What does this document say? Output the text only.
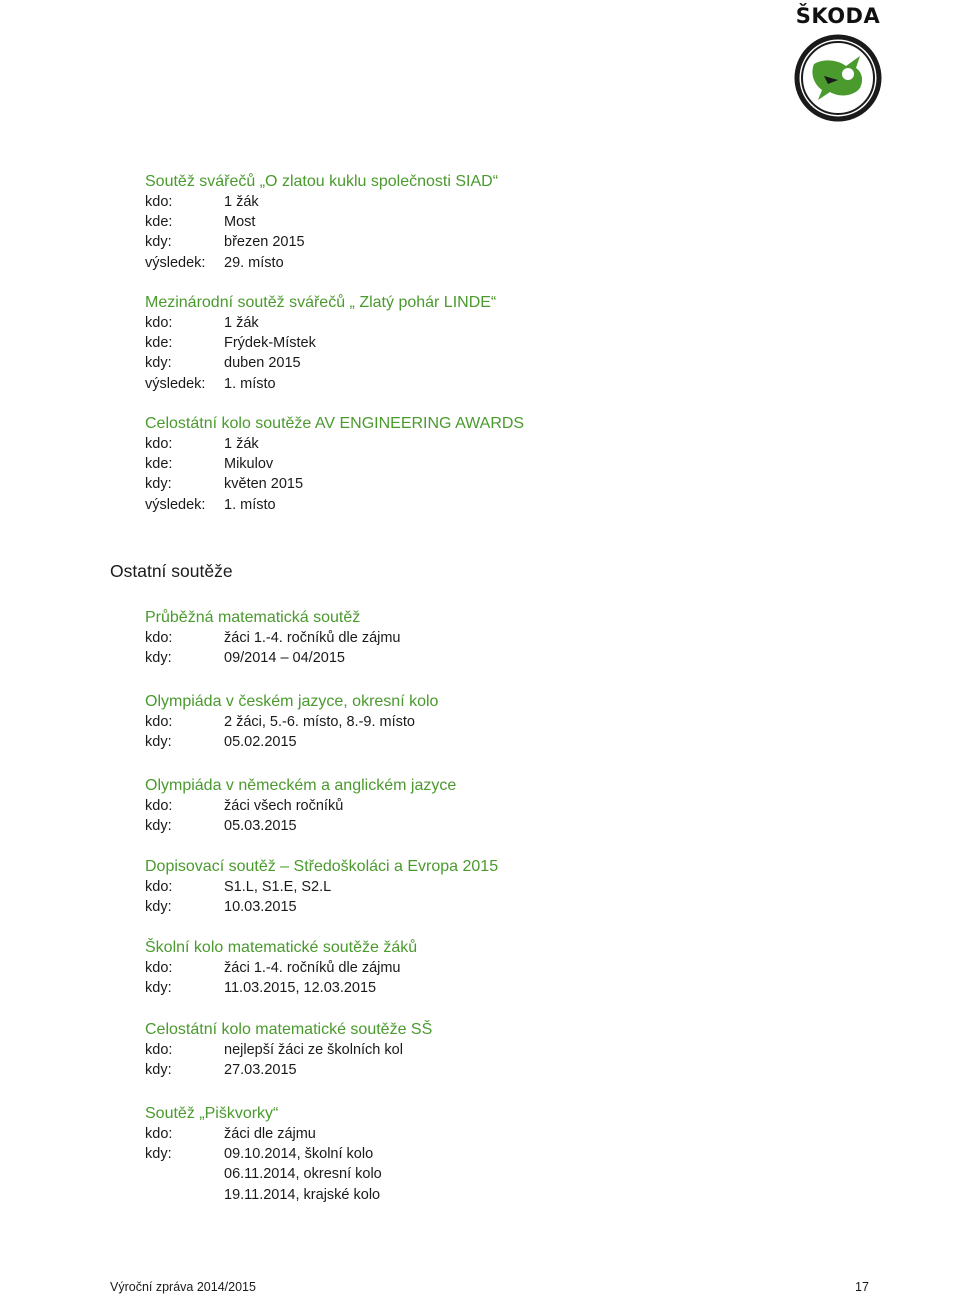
ŠKODA
Soutěž svářečů „O zlatou kuklu společnosti SIAD“
kdo:	1 žák
kde:	Most
kdy:	březen 2015
výsledek: 29. místo
Mezinárodní soutěž svářečů „ Zlatý pohár LINDE“
kdo:	1 žák
kde:	Frýdek-Místek
kdy:	duben 2015
výsledek: 1. místo
Celostátní kolo soutěže AV ENGINEERING AWARDS
kdo:	1 žák
kde:	Mikulov
kdy:	květen 2015
výsledek: 1. místo
Ostatní soutěže
Průběžná matematická soutěž
kdo:	žáci 1.-4. ročníků dle zájmu
kdy:	09/2014 – 04/2015
Olympiáda v českém jazyce, okresní kolo
kdo:	2 žáci, 5.-6. místo, 8.-9. místo
kdy:	05.02.2015
Olympiáda v německém a anglickém jazyce
kdo:	žáci všech ročníků
kdy:	05.03.2015
Dopisovací soutěž – Středoškoláci a Evropa 2015
kdo:	S1.L, S1.E, S2.L
kdy:	10.03.2015
Školní kolo matematické soutěže žáků
kdo:	žáci 1.-4. ročníků dle zájmu
kdy:	11.03.2015, 12.03.2015
Celostátní kolo matematické soutěže SŠ
kdo:	nejlepší žáci ze školních kol
kdy:	27.03.2015
Soutěž „Piškvorky“
kdo:	žáci dle zájmu
kdy:	09.10.2014, školní kolo
06.11.2014, okresní kolo
19.11.2014, krajské kolo
Výroční zpráva 2014/2015	17
